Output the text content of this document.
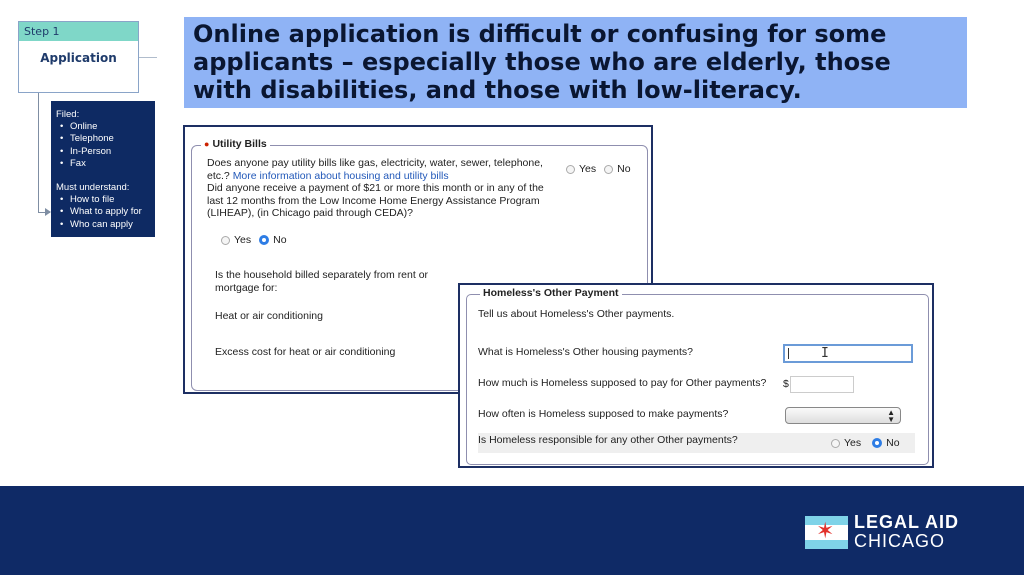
Step 1
Application
Filed:
• Online
• Telephone
• In-Person
• Fax
Must understand:
• How to file
• What to apply for
• Who can apply
Online application is difficult or confusing for some applicants – especially those who are elderly, those with disabilities, and those with low-literacy.
● Utility Bills
Does anyone pay utility bills like gas, electricity, water, sewer, telephone, etc.? More information about housing and utility bills
Did anyone receive a payment of $21 or more this month or in any of the last 12 months from the Low Income Home Energy Assistance Program (LIHEAP), (in Chicago paid through CEDA)?
Yes No
Yes No
Is the household billed separately from rent or mortgage for:
Heat or air conditioning
Excess cost for heat or air conditioning
Homeless's Other Payment
Tell us about Homeless's Other payments.
What is Homeless's Other housing payments?	I
How much is Homeless supposed to pay for Other payments? $
How often is Homeless supposed to make payments?	▲
▼
Is Homeless responsible for any other Other payments?	Yes No
✶ LEGAL AID
CHICAGO
